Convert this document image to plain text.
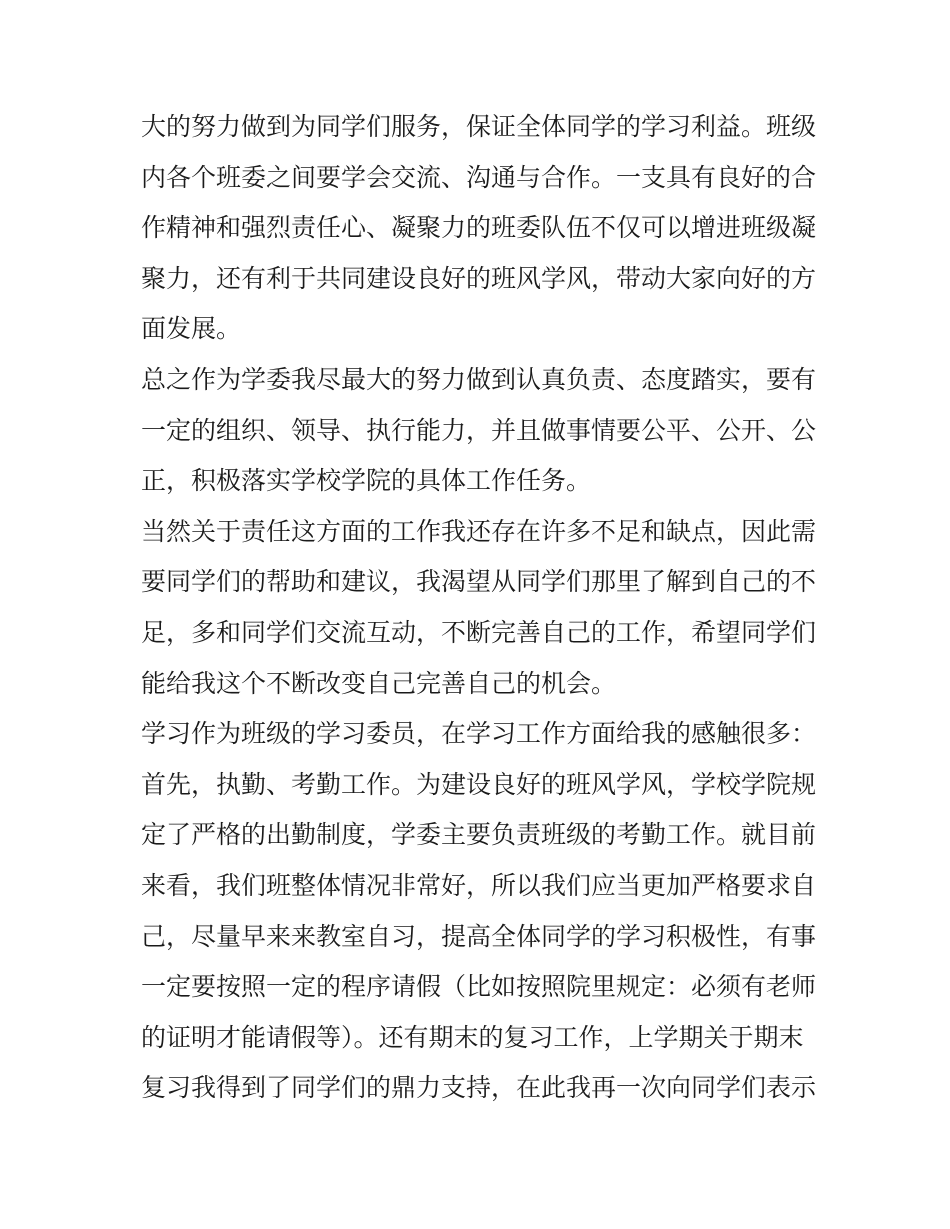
大的努力做到为同学们服务，保证全体同学的学习利益。班级
内各个班委之间要学会交流、沟通与合作。一支具有良好的合
作精神和强烈责任心、凝聚力的班委队伍不仅可以增进班级凝
聚力，还有利于共同建设良好的班风学风，带动大家向好的方
面发展。
总之作为学委我尽最大的努力做到认真负责、态度踏实，要有
一定的组织、领导、执行能力，并且做事情要公平、公开、公
正，积极落实学校学院的具体工作任务。
当然关于责任这方面的工作我还存在许多不足和缺点，因此需
要同学们的帮助和建议，我渴望从同学们那里了解到自己的不
足，多和同学们交流互动，不断完善自己的工作，希望同学们
能给我这个不断改变自己完善自己的机会。
学习作为班级的学习委员，在学习工作方面给我的感触很多：
首先，执勤、考勤工作。为建设良好的班风学风，学校学院规
定了严格的出勤制度，学委主要负责班级的考勤工作。就目前
来看，我们班整体情况非常好，所以我们应当更加严格要求自
己，尽量早来来教室自习，提高全体同学的学习积极性，有事
一定要按照一定的程序请假（比如按照院里规定：必须有老师
的证明才能请假等）。还有期末的复习工作，上学期关于期末
复习我得到了同学们的鼎力支持，在此我再一次向同学们表示
